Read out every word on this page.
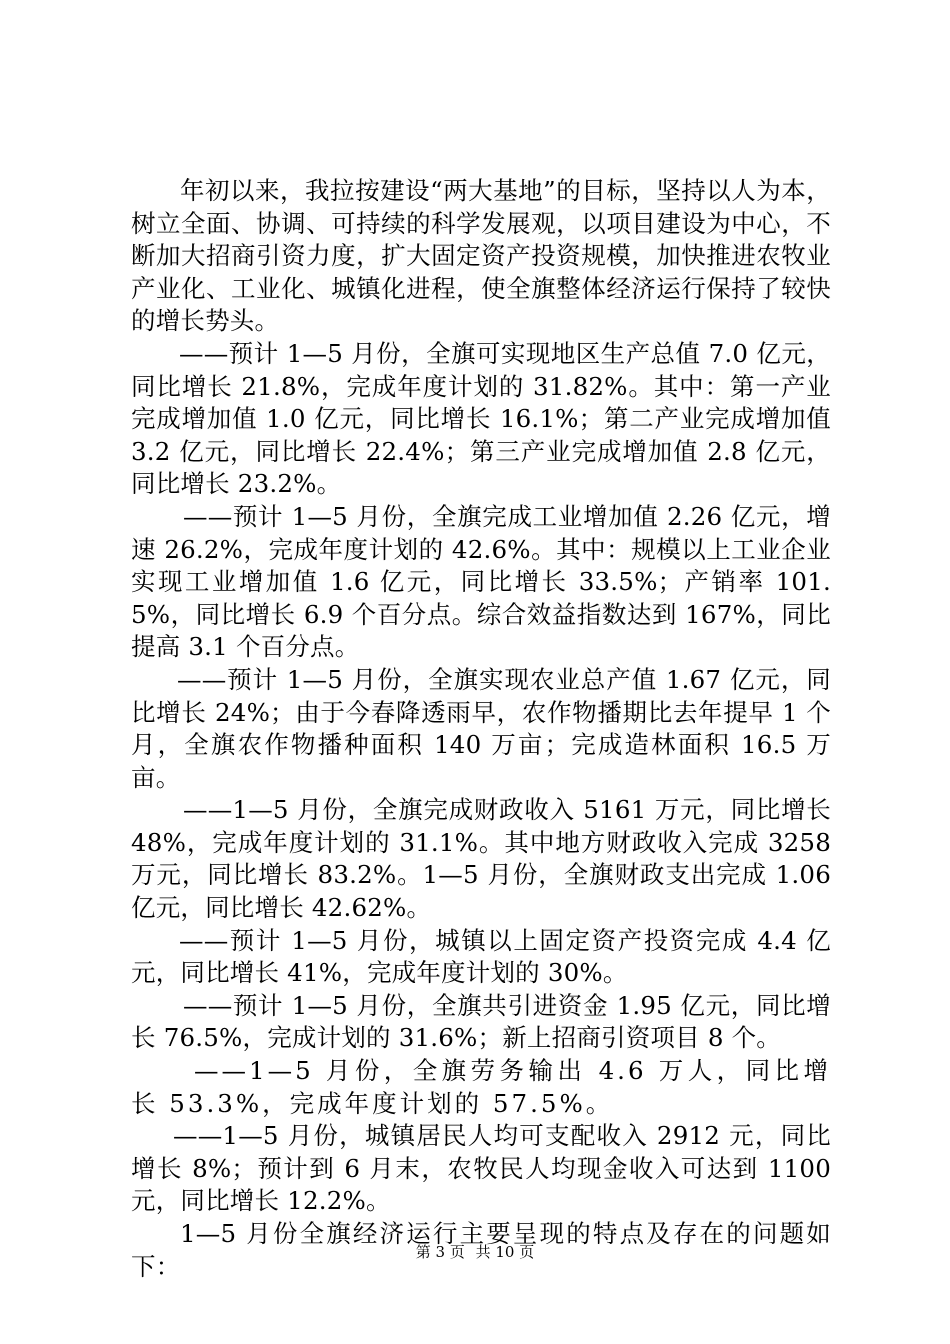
年初以来，我拉按建设“两大基地”的目标，坚持以人为本，树立全面、协调、可持续的科学发展观，以项目建设为中心，不断加大招商引资力度，扩大固定资产投资规模，加快推进农牧业产业化、工业化、城镇化进程，使全旗整体经济运行保持了较快的增长势头。

——预计 1—5 月份，全旗可实现地区生产总值 7.0 亿元，同比增长 21.8%，完成年度计划的 31.82%。其中：第一产业完成增加值 1.0 亿元，同比增长 16.1%；第二产业完成增加值 3.2 亿元，同比增长 22.4%；第三产业完成增加值 2.8 亿元，同比增长 23.2%。

——预计 1—5 月份，全旗完成工业增加值 2.26 亿元，增速 26.2%，完成年度计划的 42.6%。其中：规模以上工业企业实现工业增加值 1.6 亿元，同比增长 33.5%；产销率 101.5%，同比增长 6.9 个百分点。综合效益指数达到 167%，同比提高 3.1 个百分点。

——预计 1—5 月份，全旗实现农业总产值 1.67 亿元，同比增长 24%；由于今春降透雨早，农作物播期比去年提早 1 个月，全旗农作物播种面积 140 万亩；完成造林面积 16.5 万亩。

——1—5 月份，全旗完成财政收入 5161 万元，同比增长 48%，完成年度计划的 31.1%。其中地方财政收入完成 3258 万元，同比增长 83.2%。1—5 月份，全旗财政支出完成 1.06 亿元，同比增长 42.62%。

——预计 1—5 月份，城镇以上固定资产投资完成 4.4 亿元，同比增长 41%，完成年度计划的 30%。

——预计 1—5 月份，全旗共引进资金 1.95 亿元，同比增长 76.5%，完成计划的 31.6%；新上招商引资项目 8 个。

——1—5 月份，全旗劳务输出 4.6 万人，同比增长 53.3%，完成年度计划的 57.5%。

——1—5 月份，城镇居民人均可支配收入 2912 元，同比增长 8%；预计到 6 月末，农牧民人均现金收入可达到 1100 元，同比增长 12.2%。

1—5 月份全旗经济运行主要呈现的特点及存在的问题如下：	第 3 页 共 10 页
